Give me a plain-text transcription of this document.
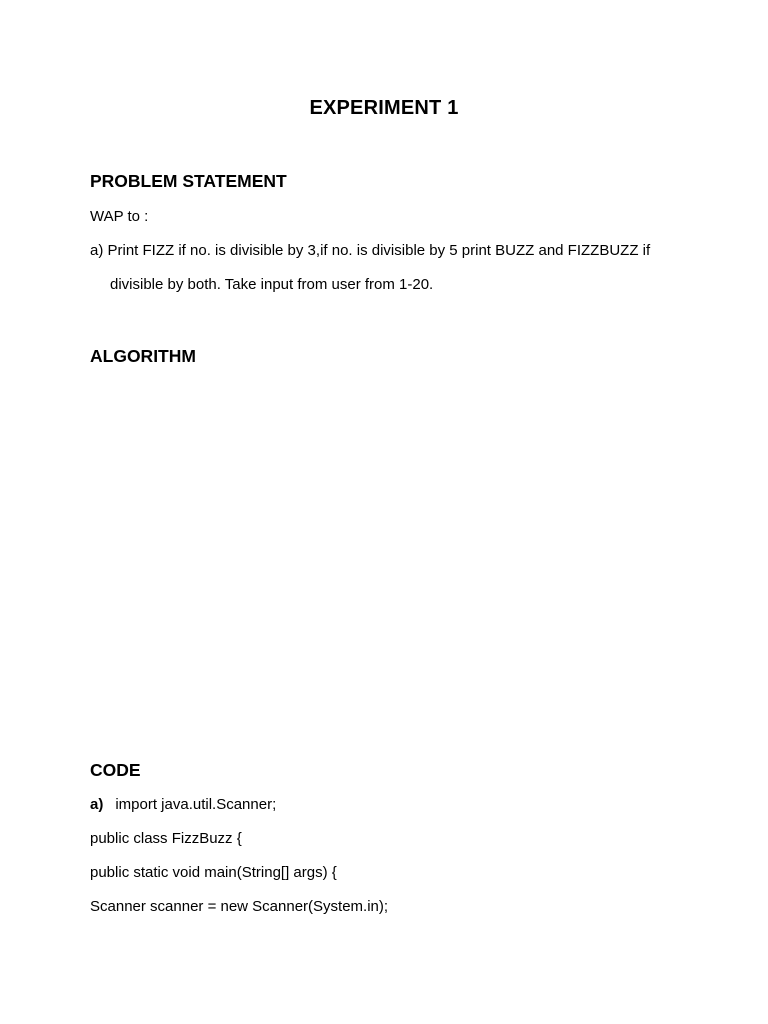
EXPERIMENT 1
PROBLEM STATEMENT
WAP to :
a) Print FIZZ if no. is divisible by 3,if no. is divisible by 5 print BUZZ and FIZZBUZZ if
divisible by both. Take input from user from 1-20.
ALGORITHM
CODE
a) import java.util.Scanner;
public class FizzBuzz {
public static void main(String[] args) {
Scanner scanner = new Scanner(System.in);
